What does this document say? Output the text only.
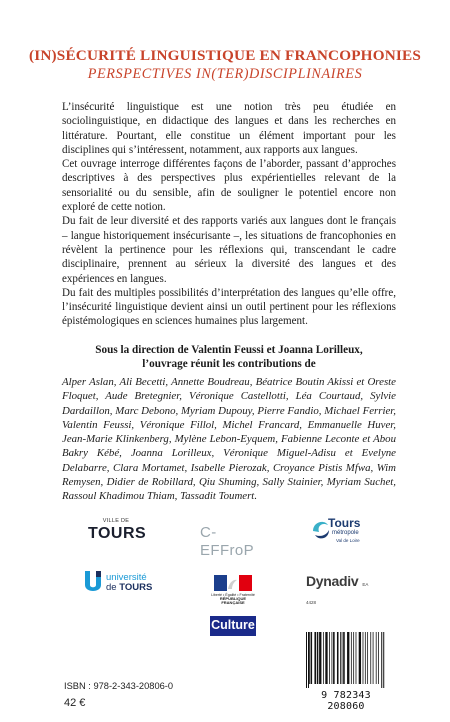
(IN)SÉCURITÉ LINGUISTIQUE EN FRANCOPHONIES
PERSPECTIVES IN(TER)DISCIPLINAIRES

L’insécurité linguistique est une notion très peu étudiée en sociolinguistique, en didactique des langues et dans les recherches en littérature. Pourtant, elle constitue un élément important pour les disciplines qui s’intéressent, notamment, aux rapports aux langues.

Cet ouvrage interroge différentes façons de l’aborder, passant d’approches descriptives à des perspectives plus expérientielles relevant de la sensorialité ou du sensible, afin de souligner le potentiel encore non exploré de cette notion.

Du fait de leur diversité et des rapports variés aux langues dont le français – langue historiquement insécurisante –, les situations de francophonies en révèlent la pertinence pour les réflexions qui, transcendant le cadre disciplinaire, prennent au sérieux la diversité des langues et des expériences en langues.

Du fait des multiples possibilités d’interprétation des langues qu’elle offre, l’insécurité linguistique devient ainsi un outil pertinent pour les réflexions épistémologiques en sciences humaines plus largement.

Sous la direction de Valentin Feussi et Joanna Lorilleux,
l’ouvrage réunit les contributions de
Alper Aslan, Ali Becetti, Annette Boudreau, Béatrice Boutin Akissi et Oreste Floquet, Aude Bretegnier, Véronique Castellotti, Léa Courtaud, Sylvie Dardaillon, Marc Debono, Myriam Dupouy, Pierre Fandio, Michael Ferrier, Valentin Feussi, Véronique Fillol, Michel Francard, Emmanuelle Huver, Jean-Marie Klinkenberg, Mylène Lebon-Eyquem, Fabienne Leconte et Abou Bakry Kébé, Joanna Lorilleux, Véronique Miguel-Adisu et Evelyne Delabarre, Clara Mortamet, Isabelle Pierozak, Croyance Pistis Mfwa, Wim Remysen, Didier de Robillard, Qiu Shuming, Sally Stainier, Myriam Suchet, Rassoul Khadimou Thiam, Tassadit Toumert.
VILLE DE
TOURS	C-EFFroP
Tours
métropole
Val de Loire
université
de TOURS
Liberté • Égalité • Fraternité
RÉPUBLIQUE FRANÇAISE
Dynadiv EA 4428
Culture
ISBN : 978-2-343-20806-0
42 €
9 782343 208060
